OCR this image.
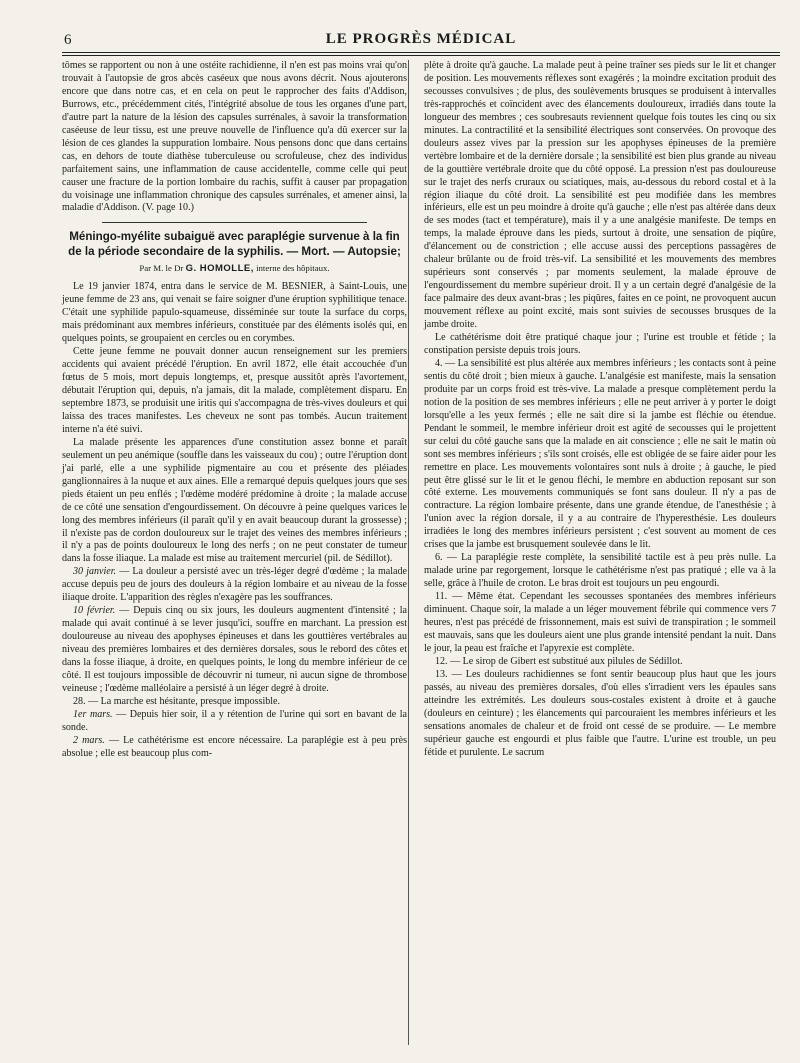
6	LE PROGRÈS MÉDICAL

tômes se rapportent ou non à une ostéite rachidienne, il n'en est pas moins vrai qu'on trouvait à l'autopsie de gros abcès caséeux que nous avons décrit. Nous ajouterons encore que dans notre cas, et en cela on peut le rapprocher des faits d'Addison, Burrows, etc., précédemment cités, l'intégrité absolue de tous les organes d'une part, d'autre part la nature de la lésion des capsules surrénales, à savoir la transformation caséeuse de leur tissu, est une preuve nouvelle de l'influence qu'a dû exercer sur la lésion de ces glandes la suppuration lombaire. Nous pensons donc que dans certains cas, en dehors de toute diathèse tuberculeuse ou scrofuleuse, chez des individus parfaitement sains, une inflammation de cause accidentelle, comme celle qui peut causer une fracture de la portion lombaire du rachis, suffit à causer par propagation du voisinage une inflammation chronique des capsules surrénales, et amener ainsi, la maladie d'Addison. (V. page 10.)

Méningo-myélite subaiguë avec paraplégie survenue à la fin de la période secondaire de la syphilis. — Mort. — Autopsie;
Par M. le Dr G. HOMOLLE, interne des hôpitaux.

Le 19 janvier 1874, entra dans le service de M. BESNIER, à Saint-Louis, une jeune femme de 23 ans, qui venait se faire soigner d'une éruption syphilitique tenace. C'était une syphilide papulo-squameuse, disséminée sur toute la surface du corps, mais prédominant aux membres inférieurs, constituée par des éléments isolés qui, en quelques points, se groupaient en cercles ou en corymbes.

Cette jeune femme ne pouvait donner aucun renseignement sur les premiers accidents qui avaient précédé l'éruption. En avril 1872, elle était accouchée d'un fœtus de 5 mois, mort depuis longtemps, et, presque aussitôt après l'avortement, débutait l'éruption qui, depuis, n'a jamais, dit la malade, complètement disparu. En septembre 1873, se produisit une iritis qui s'accompagna de très-vives douleurs et qui laissa des traces manifestes. Les cheveux ne sont pas tombés. Aucun traitement interne n'a été suivi.

La malade présente les apparences d'une constitution assez bonne et paraît seulement un peu anémique (souffle dans les vaisseaux du cou) ; outre l'éruption dont j'ai parlé, elle a une syphilide pigmentaire au cou et présente des pléiades ganglionnaires à la nuque et aux aines. Elle a remarqué depuis quelques jours que ses pieds étaient un peu enflés ; l'œdème modéré prédomine à droite ; la malade accuse de ce côté une sensation d'engourdissement. On découvre à peine quelques varices le long des membres inférieurs (il paraît qu'il y en avait beaucoup durant la grossesse) ; il n'existe pas de cordon douloureux sur le trajet des veines des membres inférieurs ; il n'y a pas de points douloureux le long des nerfs ; on ne peut constater de tumeur dans la fosse iliaque. La malade est mise au traitement mercuriel (pil. de Sédillot).

30 janvier. — La douleur a persisté avec un très-léger degré d'œdème ; la malade accuse depuis peu de jours des douleurs à la région lombaire et au niveau de la fosse iliaque droite. L'apparition des règles n'exagère pas les souffrances.

10 février. — Depuis cinq ou six jours, les douleurs augmentent d'intensité ; la malade qui avait continué à se lever jusqu'ici, souffre en marchant. La pression est douloureuse au niveau des apophyses épineuses et dans les gouttières vertébrales au niveau des premières lombaires et des dernières dorsales, sous le rebord des côtes et dans la fosse iliaque, à droite, en quelques points, le long du membre inférieur de ce côté. Il est toujours impossible de découvrir ni tumeur, ni aucun signe de thrombose veineuse ; l'œdème malléolaire a persisté à un léger degré à droite.

28. — La marche est hésitante, presque impossible.

1er mars. — Depuis hier soir, il a y rétention de l'urine qui sort en bavant de la sonde.

2 mars. — Le cathétérisme est encore nécessaire. La paraplégie est à peu près absolue ; elle est beaucoup plus com-

plète à droite qu'à gauche. La malade peut à peine traîner ses pieds sur le lit et changer de position. Les mouvements réflexes sont exagérés ; la moindre excitation produit des secousses convulsives ; de plus, des soulèvements brusques se produisent à intervalles très-rapprochés et coïncident avec des élancements douloureux, irradiés dans toute la longueur des membres ; ces soubresauts reviennent quelque fois toutes les cinq ou six minutes. La contractilité et la sensibilité électriques sont conservées. On provoque des douleurs assez vives par la pression sur les apophyses épineuses de la première vertèbre lombaire et de la dernière dorsale ; la sensibilité est bien plus grande au niveau de la gouttière vertébrale droite que du côté opposé. La pression n'est pas douloureuse sur le trajet des nerfs cruraux ou sciatiques, mais, au-dessous du rebord costal et à la région iliaque du côté droit. La sensibilité est peu modifiée dans les membres inférieurs, elle est un peu moindre à droite qu'à gauche ; elle n'est pas altérée dans deux de ses modes (tact et température), mais il y a une analgésie manifeste. De temps en temps, la malade éprouve dans les pieds, surtout à droite, une sensation de piqûre, d'élancement ou de constriction ; elle accuse aussi des perceptions passagères de chaleur brûlante ou de froid très-vif. La sensibilité et les mouvements des membres supérieurs sont conservés ; par moments seulement, la malade éprouve de l'engourdissement du membre supérieur droit. Il y a un certain degré d'analgésie de la face palmaire des deux avant-bras ; les piqûres, faites en ce point, ne provoquent aucun mouvement réflexe au point excité, mais sont suivies de secousses brusques de la jambe droite.

Le cathétérisme doit être pratiqué chaque jour ; l'urine est trouble et fétide ; la constipation persiste depuis trois jours.

4. — La sensibilité est plus altérée aux membres inférieurs ; les contacts sont à peine sentis du côté droit ; bien mieux à gauche. L'analgésie est manifeste, mais la sensation produite par un corps froid est très-vive. La malade a presque complètement perdu la notion de la position de ses membres inférieurs ; elle ne peut arriver à y porter le doigt lorsqu'elle a les yeux fermés ; elle ne sait dire si la jambe est fléchie ou étendue. Pendant le sommeil, le membre inférieur droit est agité de secousses qui le projettent sur celui du côté gauche sans que la malade en ait conscience ; elle ne sait le matin où sont ses membres inférieurs ; s'ils sont croisés, elle est obligée de se faire aider pour les remettre en place. Les mouvements volontaires sont nuls à droite ; à gauche, le pied peut être glissé sur le lit et le genou fléchi, le membre en abduction reposant sur son côté externe. Les mouvements communiqués se font sans douleur. Il n'y a pas de contracture. La région lombaire présente, dans une grande étendue, de l'anesthésie ; à l'union avec la région dorsale, il y a au contraire de l'hyperesthésie. Les douleurs irradiées le long des membres inférieurs persistent ; c'est souvent au moment de ces crises que la jambe est brusquement soulevée dans le lit.

6. — La paraplégie reste complète, la sensibilité tactile est à peu près nulle. La malade urine par regorgement, lorsque le cathétérisme n'est pas pratiqué ; elle va à la selle, grâce à l'huile de croton. Le bras droit est toujours un peu engourdi.

11. — Même état. Cependant les secousses spontanées des membres inférieurs diminuent. Chaque soir, la malade a un léger mouvement fébrile qui commence vers 7 heures, n'est pas précédé de frissonnement, mais est suivi de transpiration ; le sommeil est mauvais, sans que les douleurs aient une plus grande intensité pendant la nuit. Dans le jour, la peau est fraîche et l'apyrexie est complète.

12. — Le sirop de Gibert est substitué aux pilules de Sédillot.

13. — Les douleurs rachidiennes se font sentir beaucoup plus haut que les jours passés, au niveau des premières dorsales, d'où elles s'irradient vers les épaules sans atteindre les extrémités. Les douleurs sous-costales existent à droite et à gauche (douleurs en ceinture) ; les élancements qui parcouraient les membres inférieurs et les sensations anomales de chaleur et de froid ont cessé de se produire. — Le membre supérieur gauche est engourdi et plus faible que l'autre. L'urine est trouble, un peu fétide et purulente. Le sacrum
